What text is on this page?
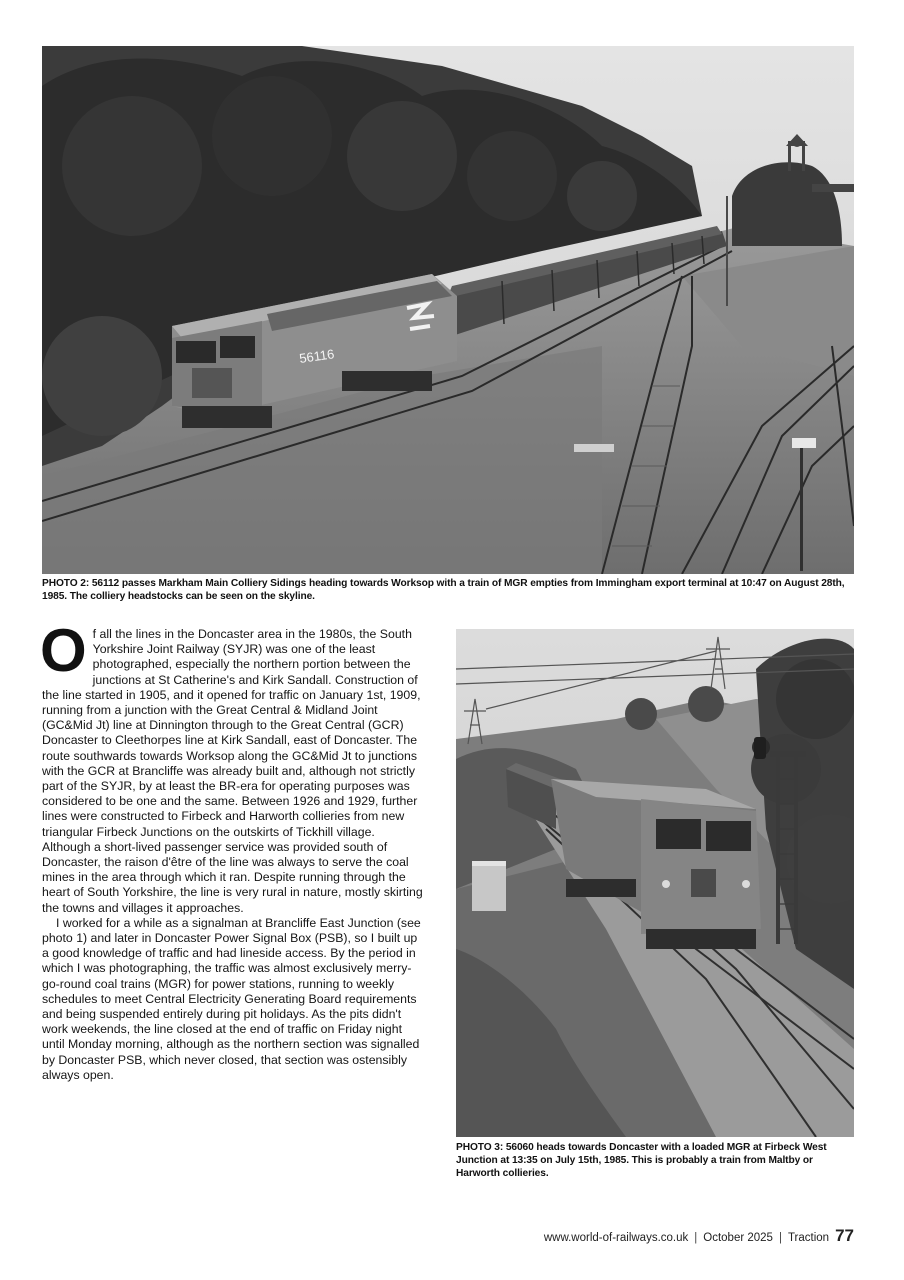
56116
PHOTO 2: 56112 passes Markham Main Colliery Sidings heading towards Worksop with a train of MGR empties from Immingham export terminal at 10:47 on August 28th, 1985. The colliery headstocks can be seen on the skyline.
PHOTO 3: 56060 heads towards Doncaster with a loaded MGR at Firbeck West Junction at 13:35 on July 15th, 1985. This is probably a train from Maltby or Harworth collieries.

Of all the lines in the Doncaster area in the 1980s, the South Yorkshire Joint Railway (SYJR) was one of the least photographed, especially the northern portion between the junctions at St Catherine's and Kirk Sandall. Construction of the line started in 1905, and it opened for traffic on January 1st, 1909, running from a junction with the Great Central & Midland Joint (GC&Mid Jt) line at Dinnington through to the Great Central (GCR) Doncaster to Cleethorpes line at Kirk Sandall, east of Doncaster. The route southwards towards Worksop along the GC&Mid Jt to junctions with the GCR at Brancliffe was already built and, although not strictly part of the SYJR, by at least the BR-era for operating purposes was considered to be one and the same. Between 1926 and 1929, further lines were constructed to Firbeck and Harworth collieries from new triangular Firbeck Junctions on the outskirts of Tickhill village. Although a short-lived passenger service was provided south of Doncaster, the raison d'être of the line was always to serve the coal mines in the area through which it ran. Despite running through the heart of South Yorkshire, the line is very rural in nature, mostly skirting the towns and villages it approaches.

I worked for a while as a signalman at Brancliffe East Junction (see photo 1) and later in Doncaster Power Signal Box (PSB), so I built up a good knowledge of traffic and had lineside access. By the period in which I was photographing, the traffic was almost exclusively merry-go-round coal trains (MGR) for power stations, running to weekly schedules to meet Central Electricity Generating Board requirements and being suspended entirely during pit holidays. As the pits didn't work weekends, the line closed at the end of traffic on Friday night until Monday morning, although as the northern section was signalled by Doncaster PSB, which never closed, that section was ostensibly always open.

www.world-of-railways.co.uk | October 2025 | Traction 77
